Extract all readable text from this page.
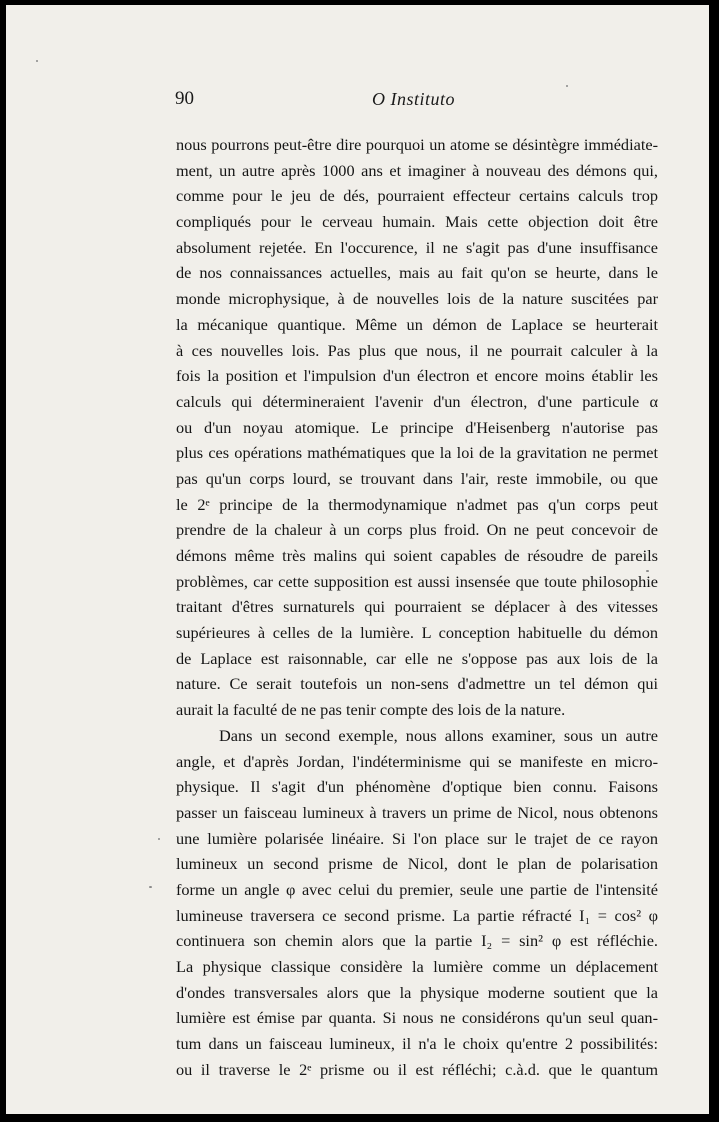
90	O Instituto
nous pourrons peut-être dire pourquoi un atome se désintègre immédiate-
ment, un autre après 1000 ans et imaginer à nouveau des démons qui,
comme pour le jeu de dés, pourraient effecteur certains calculs trop
compliqués pour le cerveau humain. Mais cette objection doit être
absolument rejetée. En l'occurence, il ne s'agit pas d'une insuffisance
de nos connaissances actuelles, mais au fait qu'on se heurte, dans le
monde microphysique, à de nouvelles lois de la nature suscitées par
la mécanique quantique. Même un démon de Laplace se heurterait
à ces nouvelles lois. Pas plus que nous, il ne pourrait calculer à la
fois la position et l'impulsion d'un électron et encore moins établir les
calculs qui détermineraient l'avenir d'un électron, d'une particule α
ou d'un noyau atomique. Le principe d'Heisenberg n'autorise pas
plus ces opérations mathématiques que la loi de la gravitation ne permet
pas qu'un corps lourd, se trouvant dans l'air, reste immobile, ou que
le 2ᵉ principe de la thermodynamique n'admet pas q'un corps peut
prendre de la chaleur à un corps plus froid. On ne peut concevoir de
démons même très malins qui soient capables de résoudre de pareils
problèmes, car cette supposition est aussi insensée que toute philosophie
traitant d'êtres surnaturels qui pourraient se déplacer à des vitesses
supérieures à celles de la lumière. L conception habituelle du démon
de Laplace est raisonnable, car elle ne s'oppose pas aux lois de la
nature. Ce serait toutefois un non-sens d'admettre un tel démon qui
aurait la faculté de ne pas tenir compte des lois de la nature.
Dans un second exemple, nous allons examiner, sous un autre
angle, et d'après Jordan, l'indéterminisme qui se manifeste en micro-
physique. Il s'agit d'un phénomène d'optique bien connu. Faisons
passer un faisceau lumineux à travers un prime de Nicol, nous obtenons
une lumière polarisée linéaire. Si l'on place sur le trajet de ce rayon
lumineux un second prisme de Nicol, dont le plan de polarisation
forme un angle φ avec celui du premier, seule une partie de l'intensité
lumineuse traversera ce second prisme. La partie réfracté I₁ = cos² φ
continuera son chemin alors que la partie I₂ = sin² φ est réfléchie.
La physique classique considère la lumière comme un déplacement
d'ondes transversales alors que la physique moderne soutient que la
lumière est émise par quanta. Si nous ne considérons qu'un seul quan-
tum dans un faisceau lumineux, il n'a le choix qu'entre 2 possibilités:
ou il traverse le 2ᵉ prisme ou il est réfléchi; c.à.d. que le quantum
